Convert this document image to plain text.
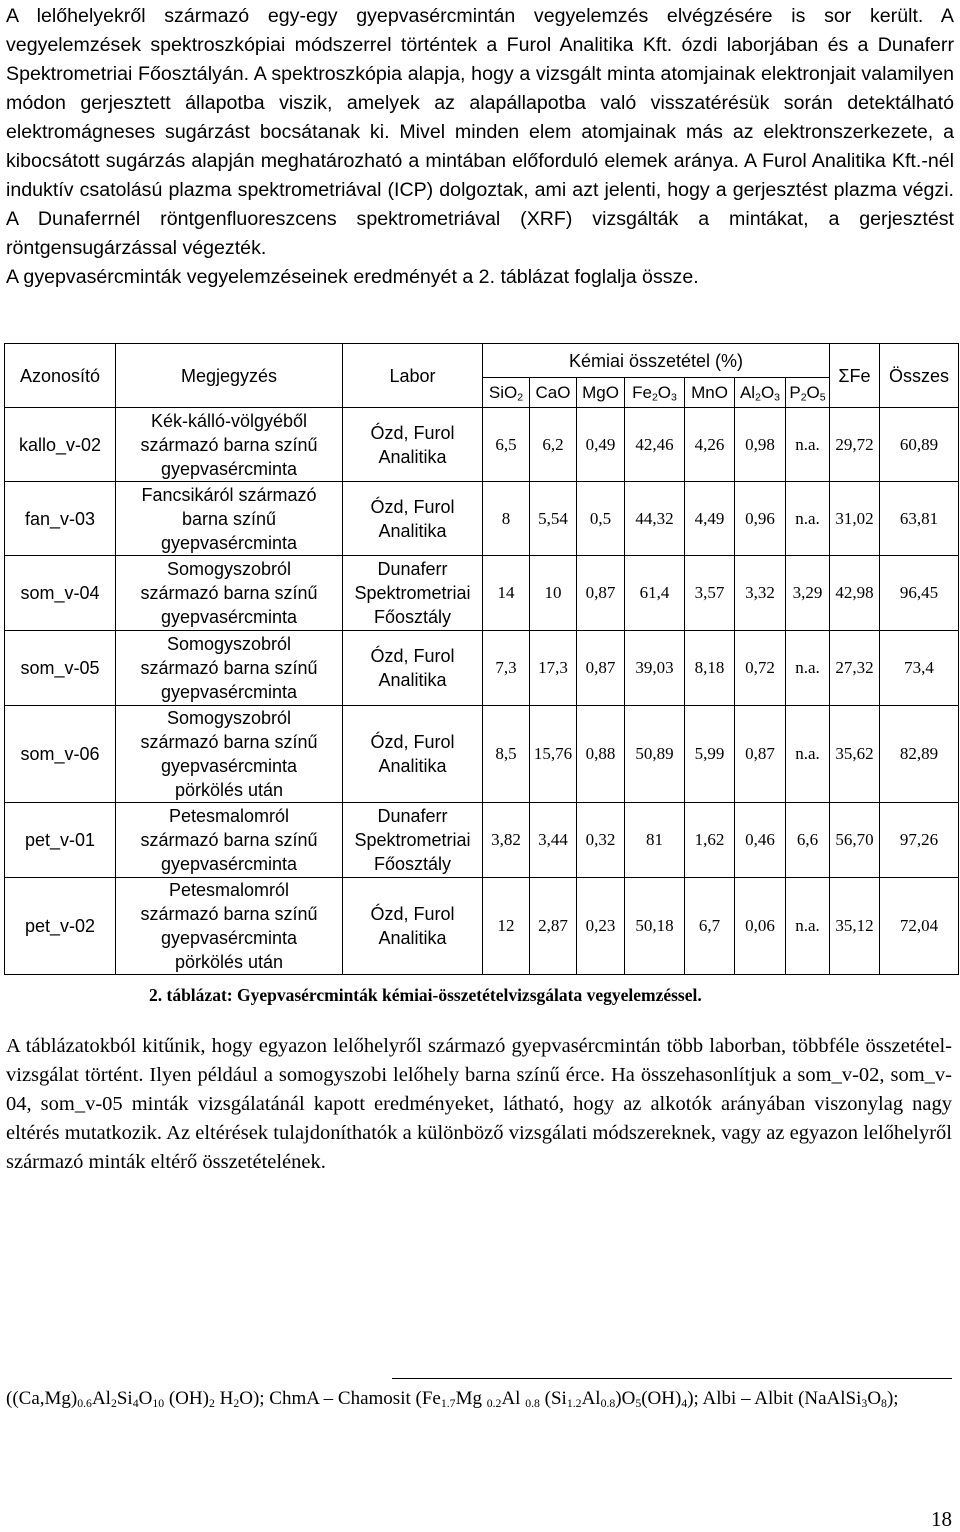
A lelőhelyekről származó egy-egy gyepvasércmintán vegyelemzés elvégzésére is sor került. A vegyelemzések spektroszkópiai módszerrel történtek a Furol Analitika Kft. ózdi laborjában és a Dunaferr Spektrometriai Főosztályán. A spektroszkópia alapja, hogy a vizsgált minta atomjainak elektronjait valamilyen módon gerjesztett állapotba viszik, amelyek az alapállapotba való visszatérésük során detektálható elektromágneses sugárzást bocsátanak ki. Mivel minden elem atomjainak más az elektronszerkezete, a kibocsátott sugárzás alapján meghatározható a mintában előforduló elemek aránya. A Furol Analitika Kft.-nél induktív csatolású plazma spektrometriával (ICP) dolgoztak, ami azt jelenti, hogy a gerjesztést plazma végzi. A Dunaferrnél röntgenfluoreszcens spektrometriával (XRF) vizsgálták a mintákat, a gerjesztést röntgensugárzással végezték.
A gyepvasércminták vegyelemzéseinek eredményét a 2. táblázat foglalja össze.
Azonosító	Megjegyzés	Labor	Kémiai összetétel (%)							ΣFe	Összes
			SiO$_2$	CaO	MgO	$Fe_2O_3$	MnO	$Al_2O_3$	$P_2O_5$
kallo_v-02	Kék-kálló-völgyéből
származó barna színű
gyepvasércminta	Ózd, Furol
Analitika	6,5	6,2	0,49	42,46	4,26	0,98	n.a.	29,72	60,89
fan_v-03	Fancsikáról származó
barna színű
gyepvasércminta	Ózd, Furol
Analitika	8	5,54	0,5	44,32	4,49	0,96	n.a.	31,02	63,81
som_v-04	Somogyszobról
származó barna színű
gyepvasércminta	Dunaferr
Spektrometriai
Főosztály	14	10	0,87	61,4	3,57	3,32	3,29	42,98	96,45
som_v-05	Somogyszobról
származó barna színű
gyepvasércminta	Ózd, Furol
Analitika	7,3	17,3	0,87	39,03	8,18	0,72	n.a.	27,32	73,4
som_v-06	Somogyszobról
származó barna színű
gyepvasércminta
pörkölés után	Ózd, Furol
Analitika	8,5	15,76	0,88	50,89	5,99	0,87	n.a.	35,62	82,89
pet_v-01	Petesmalomról
származó barna színű
gyepvasércminta	Dunaferr
Spektrometriai
Főosztály	3,82	3,44	0,32	81	1,62	0,46	6,6	56,70	97,26
pet_v-02	Petesmalomról
származó barna színű
gyepvasércminta
pörkölés után	Ózd, Furol
Analitika	12	2,87	0,23	50,18	6,7	0,06	n.a.	35,12	72,04
2. táblázat: Gyepvasércminták kémiai-összetételvizsgálata vegyelemzéssel.
A táblázatokból kitűnik, hogy egyazon lelőhelyről származó gyepvasércmintán több laborban, többféle összetétel-vizsgálat történt. Ilyen például a somogyszobi lelőhely barna színű érce. Ha összehasonlítjuk a som_v-02, som_v-04, som_v-05 minták vizsgálatánál kapott eredményeket, látható, hogy az alkotók arányában viszonylag nagy eltérés mutatkozik. Az eltérések tulajdoníthatók a különböző vizsgálati módszereknek, vagy az egyazon lelőhelyről származó minták eltérő összetételének.
($(Ca,Mg)_{0.6}Al_2Si_4O_{10}$ $(OH)_2$ $H_2O$); ChmA – Chamosit ($Fe_{1.7}Mg$ $_{0.2}$Al $_{0.8}$ $(Si_{1.2}Al_{0.8})O_5(OH)_4$); Albi – Albit $(NaAlSi_3O_8)$;
18
